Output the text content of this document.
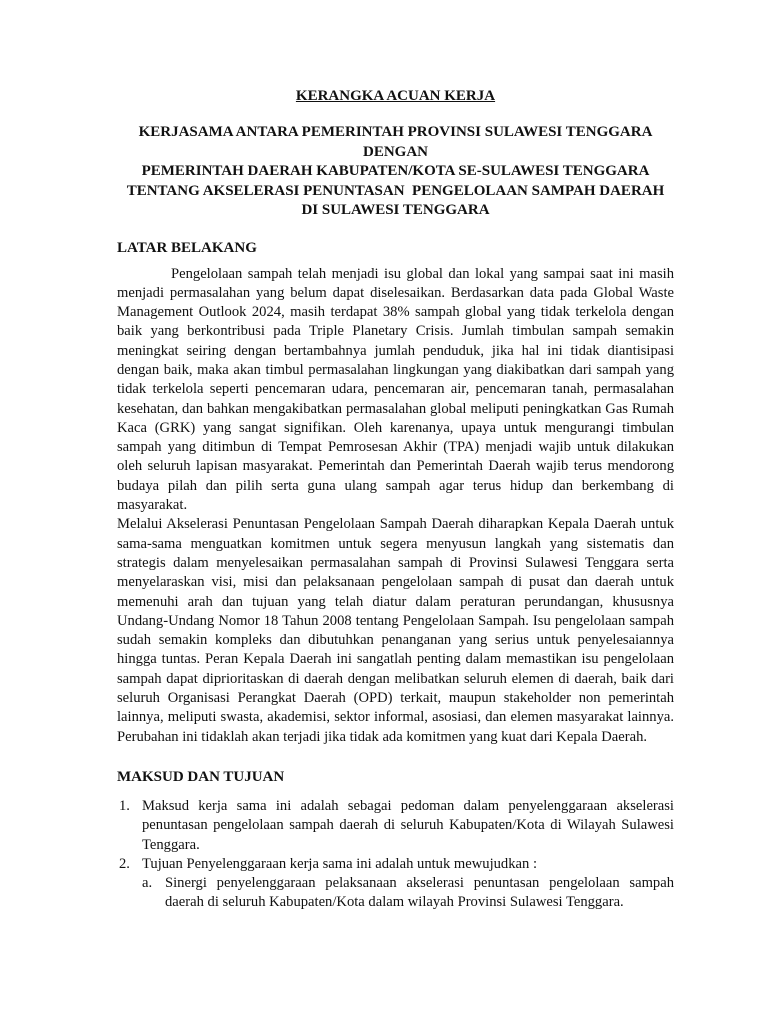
KERANGKA ACUAN KERJA

KERJASAMA ANTARA PEMERINTAH PROVINSI SULAWESI TENGGARA
DENGAN
PEMERINTAH DAERAH KABUPATEN/KOTA SE-SULAWESI TENGGARA
TENTANG AKSELERASI PENUNTASAN  PENGELOLAAN SAMPAH DAERAH
DI SULAWESI TENGGARA

LATAR BELAKANG

Pengelolaan sampah telah menjadi isu global dan lokal yang sampai saat ini masih menjadi permasalahan yang belum dapat diselesaikan. Berdasarkan data pada Global Waste Management Outlook 2024, masih terdapat 38% sampah global yang tidak terkelola dengan baik yang berkontribusi pada Triple Planetary Crisis. Jumlah timbulan sampah semakin meningkat seiring dengan bertambahnya jumlah penduduk, jika hal ini tidak diantisipasi dengan baik, maka akan timbul permasalahan lingkungan yang diakibatkan dari sampah yang tidak terkelola seperti pencemaran udara, pencemaran air, pencemaran tanah, permasalahan kesehatan, dan bahkan mengakibatkan permasalahan global meliputi peningkatkan Gas Rumah Kaca (GRK) yang sangat signifikan. Oleh karenanya, upaya untuk mengurangi timbulan sampah yang ditimbun di Tempat Pemrosesan Akhir (TPA) menjadi wajib untuk dilakukan oleh seluruh lapisan masyarakat. Pemerintah dan Pemerintah Daerah wajib terus mendorong budaya pilah dan pilih serta guna ulang sampah agar terus hidup dan berkembang di masyarakat.

Melalui Akselerasi Penuntasan Pengelolaan Sampah Daerah diharapkan Kepala Daerah untuk sama-sama menguatkan komitmen untuk segera menyusun langkah yang sistematis dan strategis dalam menyelesaikan permasalahan sampah di Provinsi Sulawesi Tenggara serta menyelaraskan visi, misi dan pelaksanaan pengelolaan sampah di pusat dan daerah untuk memenuhi arah dan tujuan yang telah diatur dalam peraturan perundangan, khususnya Undang-Undang Nomor 18 Tahun 2008 tentang Pengelolaan Sampah. Isu pengelolaan sampah sudah semakin kompleks dan dibutuhkan penanganan yang serius untuk penyelesaiannya hingga tuntas. Peran Kepala Daerah ini sangatlah penting dalam memastikan isu pengelolaan sampah dapat diprioritaskan di daerah dengan melibatkan seluruh elemen di daerah, baik dari seluruh Organisasi Perangkat Daerah (OPD) terkait, maupun stakeholder non pemerintah lainnya, meliputi swasta, akademisi, sektor informal, asosiasi, dan elemen masyarakat lainnya. Perubahan ini tidaklah akan terjadi jika tidak ada komitmen yang kuat dari Kepala Daerah.

MAKSUD DAN TUJUAN

1. Maksud kerja sama ini adalah sebagai pedoman dalam penyelenggaraan akselerasi penuntasan pengelolaan sampah daerah di seluruh Kabupaten/Kota di Wilayah Sulawesi Tenggara.
2. Tujuan Penyelenggaraan kerja sama ini adalah untuk mewujudkan :
a. Sinergi penyelenggaraan pelaksanaan akselerasi penuntasan pengelolaan sampah daerah di seluruh Kabupaten/Kota dalam wilayah Provinsi Sulawesi Tenggara.
